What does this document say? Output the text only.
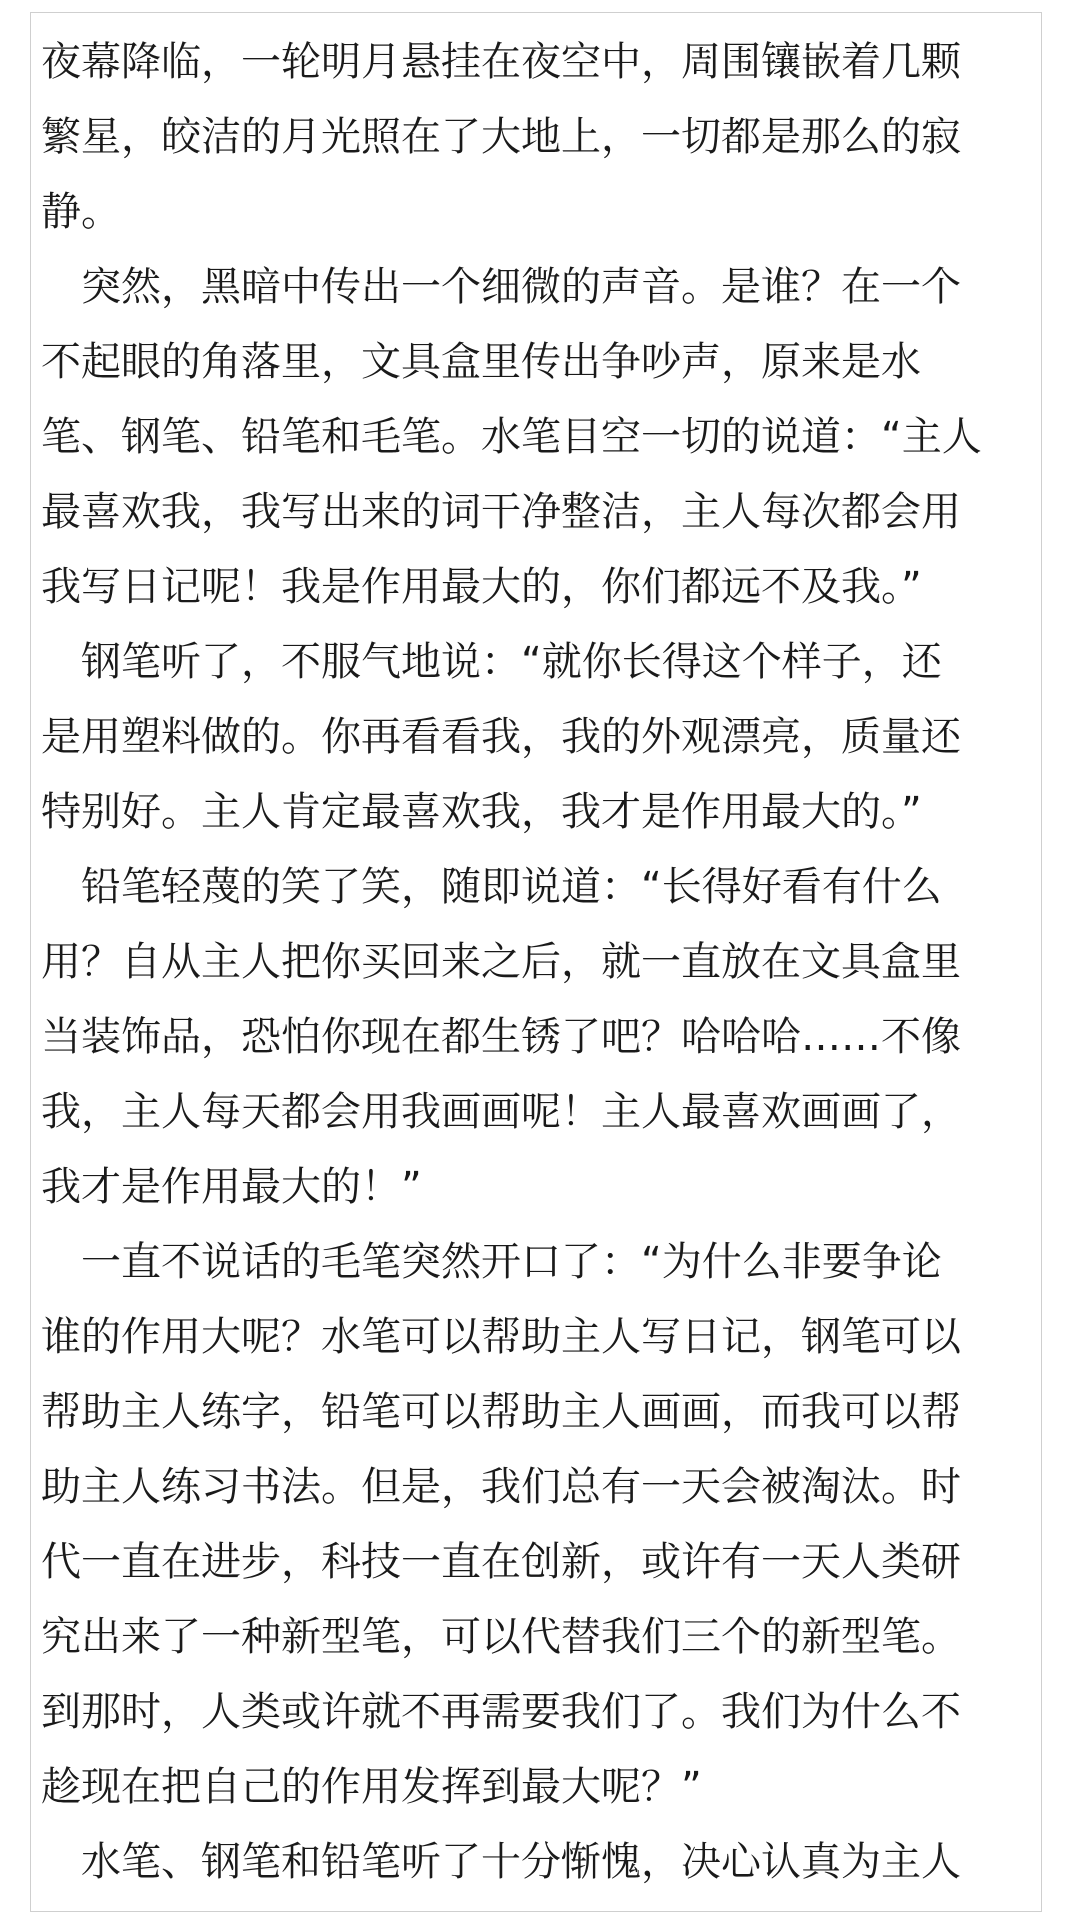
夜幕降临，一轮明月悬挂在夜空中，周围镶嵌着几颗
繁星，皎洁的月光照在了大地上，一切都是那么的寂
静。
　突然，黑暗中传出一个细微的声音。是谁？在一个
不起眼的角落里，文具盒里传出争吵声，原来是水
笔、钢笔、铅笔和毛笔。水笔目空一切的说道：“主人
最喜欢我，我写出来的词干净整洁，主人每次都会用
我写日记呢！我是作用最大的，你们都远不及我。”
　钢笔听了，不服气地说：“就你长得这个样子，还
是用塑料做的。你再看看我，我的外观漂亮，质量还
特别好。主人肯定最喜欢我，我才是作用最大的。”
　铅笔轻蔑的笑了笑，随即说道：“长得好看有什么
用？自从主人把你买回来之后，就一直放在文具盒里
当装饰品，恐怕你现在都生锈了吧？哈哈哈……不像
我，主人每天都会用我画画呢！主人最喜欢画画了，
我才是作用最大的！”
　一直不说话的毛笔突然开口了：“为什么非要争论
谁的作用大呢？水笔可以帮助主人写日记，钢笔可以
帮助主人练字，铅笔可以帮助主人画画，而我可以帮
助主人练习书法。但是，我们总有一天会被淘汰。时
代一直在进步，科技一直在创新，或许有一天人类研
究出来了一种新型笔，可以代替我们三个的新型笔。
到那时，人类或许就不再需要我们了。我们为什么不
趁现在把自己的作用发挥到最大呢？”
　水笔、钢笔和铅笔听了十分惭愧，决心认真为主人
